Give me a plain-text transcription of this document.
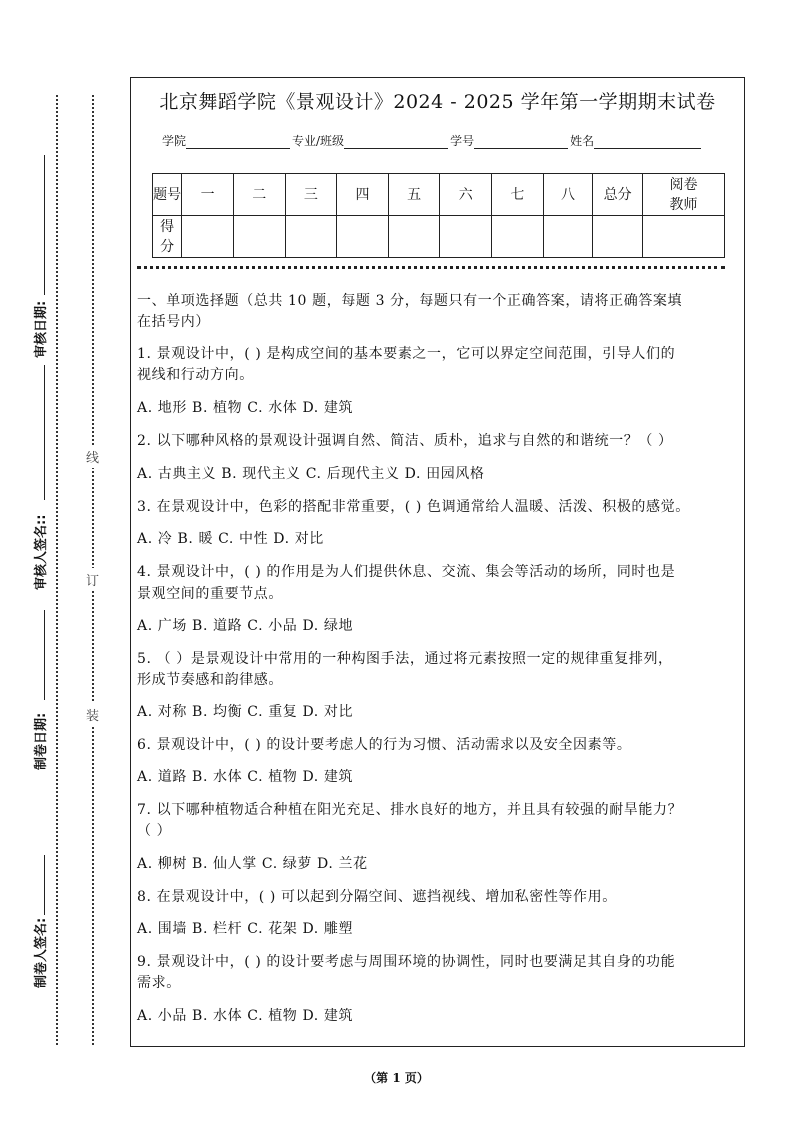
线
订
装
制卷人签名:
制卷日期:
审核人签名::
审核日期:
北京舞蹈学院《景观设计》2024 - 2025 学年第一学期期末试卷
学院	专业/班级	学号	姓名
题号	一	二	三	四	五	六	七	八	总分	阅卷教师
得分										
一、单项选择题（总共 10 题，每题 3 分，每题只有一个正确答案，请将正确答案填
在括号内）
1. 景观设计中，( ) 是构成空间的基本要素之一，它可以界定空间范围，引导人们的
视线和行动方向。
A. 地形 B. 植物 C. 水体 D. 建筑
2. 以下哪种风格的景观设计强调自然、简洁、质朴，追求与自然的和谐统一？（ ）
A. 古典主义 B. 现代主义 C. 后现代主义 D. 田园风格
3. 在景观设计中，色彩的搭配非常重要，( ) 色调通常给人温暖、活泼、积极的感觉。
A. 冷 B. 暖 C. 中性 D. 对比
4. 景观设计中，( ) 的作用是为人们提供休息、交流、集会等活动的场所，同时也是
景观空间的重要节点。
A. 广场 B. 道路 C. 小品 D. 绿地
5. （ ）是景观设计中常用的一种构图手法，通过将元素按照一定的规律重复排列，
形成节奏感和韵律感。
A. 对称 B. 均衡 C. 重复 D. 对比
6. 景观设计中，( ) 的设计要考虑人的行为习惯、活动需求以及安全因素等。
A. 道路 B. 水体 C. 植物 D. 建筑
7. 以下哪种植物适合种植在阳光充足、排水良好的地方，并且具有较强的耐旱能力？
（ ）
A. 柳树 B. 仙人掌 C. 绿萝 D. 兰花
8. 在景观设计中，( ) 可以起到分隔空间、遮挡视线、增加私密性等作用。
A. 围墙 B. 栏杆 C. 花架 D. 雕塑
9. 景观设计中，( ) 的设计要考虑与周围环境的协调性，同时也要满足其自身的功能
需求。
A. 小品 B. 水体 C. 植物 D. 建筑
（第 1 页）
